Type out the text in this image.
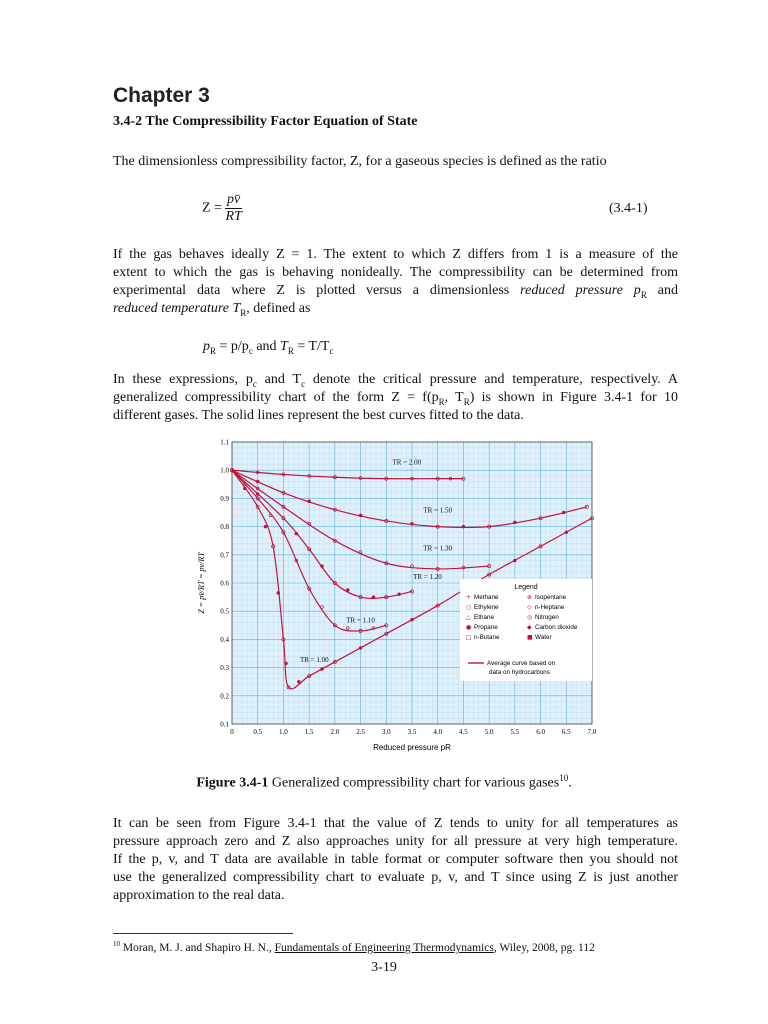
Chapter 3
3.4-2 The Compressibility Factor Equation of State
The dimensionless compressibility factor, Z, for a gaseous species is defined as the ratio
$Z = \frac{pv̄}{RT}$	(3.4-1)
If the gas behaves ideally Z = 1. The extent to which Z differs from 1 is a measure of the
extent to which the gas is behaving nonideally. The compressibility can be determined from
experimental data where Z is plotted versus a dimensionless reduced pressure $p_R$ and
reduced temperature $T_R$, defined as
$p_R = p/p_c$ and $T_R = T/T_c$
In these expressions, $p_c$ and $T_c$ denote the critical pressure and temperature, respectively. A
generalized compressibility chart of the form $Z = f(p_R$, $T_R$) is shown in Figure 3.4-1 for 10
different gases. The solid lines represent the best curves fitted to the data.
0.1
0.2
0.3
0.4
0.5
0.6
0.7
0.8
0.9
1.0
1.1
0	0.5 1.0 1.5 2.0 2.5 3.0 3.5 4.0 4.5 5.0 5.5 6.0 6.5 7.0
TR = 2.00
TR = 1.50
TR = 1.30
TR = 1.20
TR = 1.10
TR = 1.00
Reduced pressure pR
Z = pv̄/RT = pv/RT	Legend
+ Methane
○ Ethylene
△ Ethane
● Propane
□ n-Butane
⊗ Isopentane
◇ n-Heptane
◎ Nitrogen
◆ Carbon dioxide
■ Water
Average curve based on
data on hydrocarbons
Figure 3.4-1 Generalized compressibility chart for various gases$^{10}$.
It can be seen from Figure 3.4-1 that the value of Z tends to unity for all temperatures as
pressure approach zero and Z also approaches unity for all pressure at very high temperature.
If the p, v, and T data are available in table format or computer software then you should not
use the generalized compressibility chart to evaluate p, v, and T since using Z is just another
approximation to the real data.
$^{10}$ Moran, M. J. and Shapiro H. N., Fundamentals of Engineering Thermodynamics, Wiley, 2008, pg. 112
3-19
